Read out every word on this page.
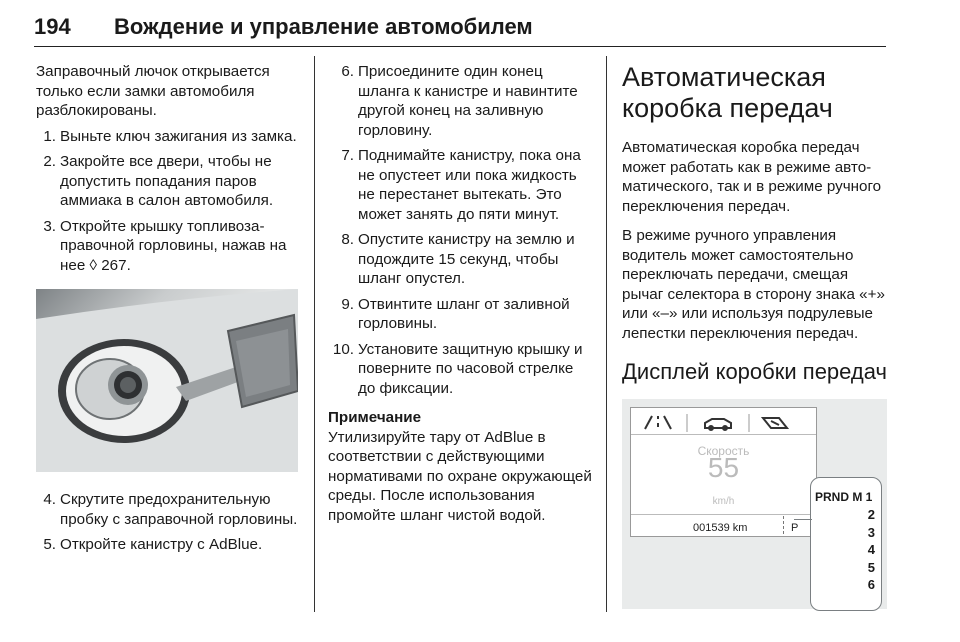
194 Вождение и управление автомобилем

Заправочный лючок открывается только если замки автомобиля разблокированы.

1. Выньте ключ зажигания из замка.
2. Закройте все двери, чтобы не допустить попадания паров аммиака в салон автомобиля.
3. Откройте крышку топливозаправочной горловины, нажав на нее ◊ 267.
4. Скрутите предохранительную пробку с заправочной горловины.
5. Откройте канистру с AdBlue.
6. Присоедините один конец шланга к канистре и навинтите другой конец на заливную горловину.
7. Поднимайте канистру, пока она не опустеет или пока жидкость не перестанет вытекать. Это может занять до пяти минут.
8. Опустите канистру на землю и подождите 15 секунд, чтобы шланг опустел.
9. Отвинтите шланг от заливной горловины.
10. Установите защитную крышку и поверните по часовой стрелке до фиксации.

Примечание

Утилизируйте тару от AdBlue в соответствии с действующими нормативами по охране окружающей среды. После использования промойте шланг чистой водой.

Автоматическая коробка передач

Автоматическая коробка передач может работать как в режиме автоматического, так и в режиме ручного переключения передач.

В режиме ручного управления водитель может самостоятельно переключать передачи, смещая рычаг селектора в сторону знака «+» или «–» или используя подрулевые лепестки переключения передач.

Дисплей коробки передач
Скорость
55
km/h
001539 km	P
PRND M 1
2
3
4
5
6
